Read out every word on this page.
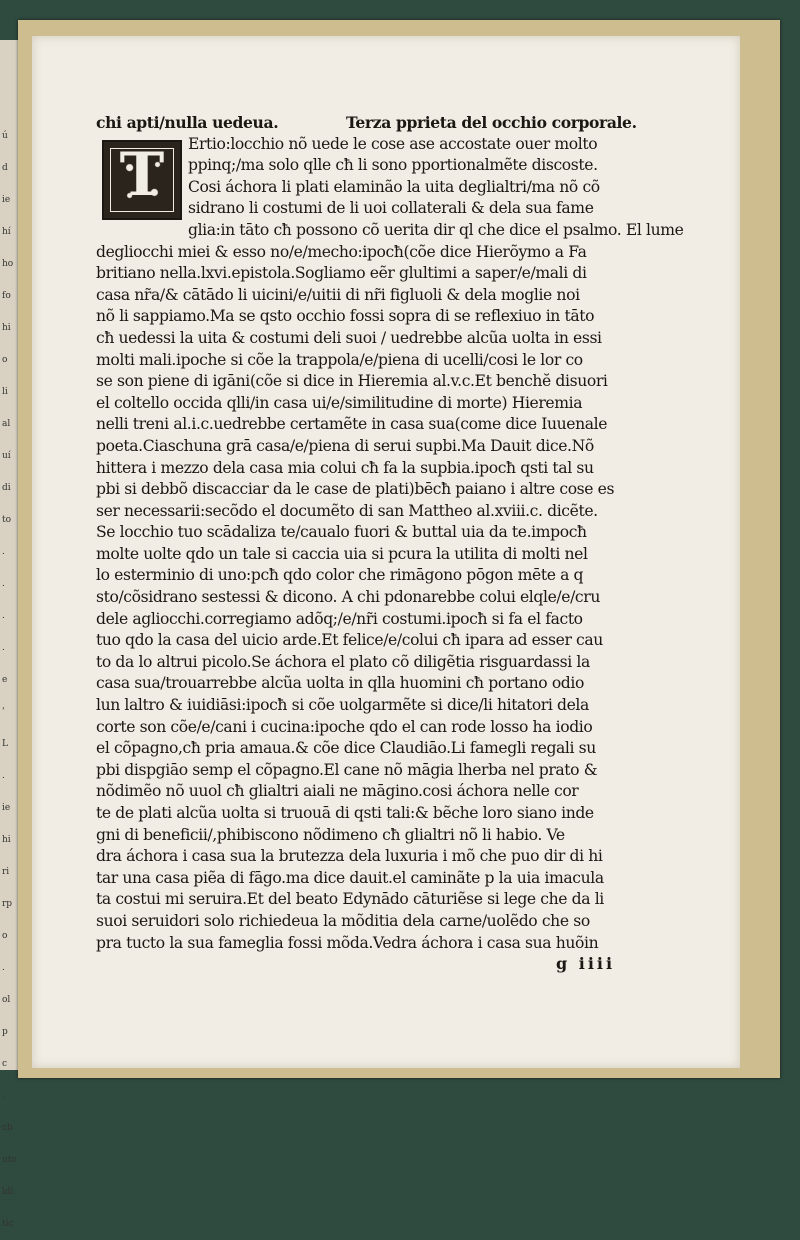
ú
d
ie
hí
ho
fo
hi
o
li
al
uí
di
to
.
.
.
.
e
'
L
.
ie
hi
ri
rp
o
.
ol
p
c
.
cb
uto
ldi
tic
T
chi apti/nulla uedeua.	Terza pprieta del occhio corporale.
Ertio:locchio nõ uede le cose ase accostate ouer molto
ppinq;/ma solo qlle cħ li sono pportionalmẽte discoste.
Cosi áchora li plati elaminão la uita deglialtri/ma nõ cõ
sidrano li costumi de li uoi collaterali & dela sua fame
glia:in tāto cħ possono cõ uerita dir ql che dice el psalmo. El lume
degliocchi miei & esso no/e/mecho:ipocħ(cõe dice Hierõymo a Fa
britiano nella.lxvi.epistola.Sogliamo eẽr glultimi a saper/e/mali di
casa nr̃a/& cātādo li uicini/e/uitii di nr̃i figluoli & dela moglie noi
nõ li sappiamo.Ma se qsto occhio fossi sopra di se reflexiuo in tāto
cħ uedessi la uita & costumi deli suoi / uedrebbe alcũa uolta in essi
molti mali.ipoche si cõe la trappola/e/piena di ucelli/cosi le lor co
se son piene di igāni(cõe si dice in Hieremia al.v.c.Et benchĕ disuori
el coltello occida qlli/in casa ui/e/similitudine di morte) Hieremia
nelli treni al.i.c.uedrebbe certamẽte in casa sua(come dice Iuuenale
poeta.Ciaschuna grā casa/e/piena di serui supbi.Ma Dauit dice.Nõ
hittera i mezzo dela casa mia colui cħ fa la supbia.ipocħ qsti tal su
pbi si debbõ discacciar da le case de plati)bēcħ paiano i altre cose es
ser necessarii:secõdo el documẽto di san Mattheo al.xviii.c. dicẽte.
Se locchio tuo scādaliza te/caualo fuori & buttal uia da te.impocħ
molte uolte qdo un tale si caccia uia si pcura la utilita di molti nel
lo esterminio di uno:pcħ qdo color che rimāgono pōgon mēte a q
sto/cõsidrano sestessi & dicono. A chi pdonarebbe colui elqle/e/cru
dele agliocchi.corregiamo adõq;/e/nr̃i costumi.ipocħ si fa el facto
tuo qdo la casa del uicio arde.Et felice/e/colui cħ ipara ad esser cau
to da lo altrui picolo.Se áchora el plato cõ diligẽtia risguardassi la
casa sua/trouarrebbe alcũa uolta in qlla huomini cħ portano odio
lun laltro & iuidiāsi:ipocħ si cõe uolgarmẽte si dice/li hitatori dela
corte son cõe/e/cani i cucina:ipoche qdo el can rode losso ha iodio
el cõpagno,cħ pria amaua.& cõe dice Claudiāo.Li famegli regali su
pbi dispgiāo semp el cõpagno.El cane nõ māgia lherba nel prato &
nõdimẽo nõ uuol cħ glialtri aiali ne māgino.cosi áchora nelle cor
te de plati alcũa uolta si truouā di qsti tali:& bẽche loro siano inde
gni di beneficii/,phibiscono nõdimeno cħ glialtri nõ li habio. Ve
dra áchora i casa sua la brutezza dela luxuria i mõ che puo dir di hi
tar una casa piẽa di fāgo.ma dice dauit.el caminãte p la uia imacula
ta costui mi seruira.Et del beato Edynādo cāturiẽse si lege che da li
suoi seruidori solo richiedeua la mõditia dela carne/uolẽdo che so
pra tucto la sua fameglia fossi mõda.Vedra áchora i casa sua huõin
g iiii
